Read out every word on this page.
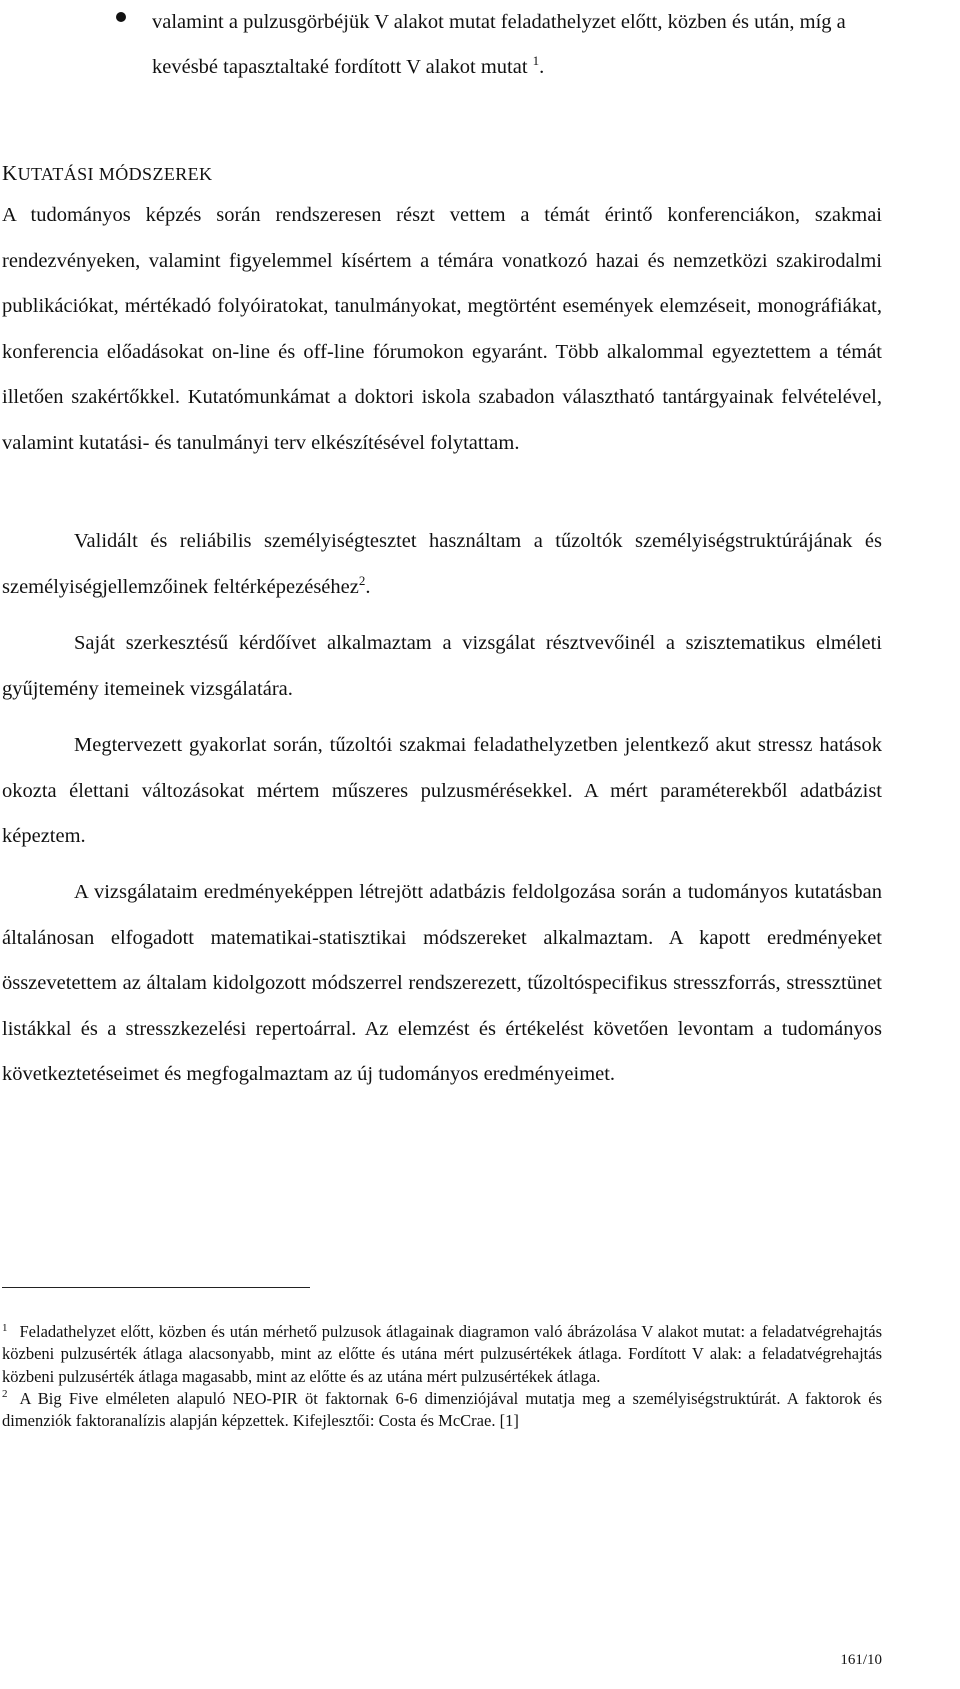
valamint a pulzusgörbéjük V alakot mutat feladathelyzet előtt, közben és után, míg a kevésbé tapasztaltaké fordított V alakot mutat $^1$.

KUTATÁSI MÓDSZEREK

A tudományos képzés során rendszeresen részt vettem a témát érintő konferenciákon, szakmai rendezvényeken, valamint figyelemmel kísértem a témára vonatkozó hazai és nemzetközi szakirodalmi publikációkat, mértékadó folyóiratokat, tanulmányokat, megtörtént események elemzéseit, monográfiákat, konferencia előadásokat on-line és off-line fórumokon egyaránt. Több alkalommal egyeztettem a témát illetően szakértőkkel. Kutatómunkámat a doktori iskola szabadon választható tantárgyainak felvételével, valamint kutatási- és tanulmányi terv elkészítésével folytattam.

Validált és reliábilis személyiségtesztet használtam a tűzoltók személyiségstruktúrájának és személyiségjellemzőinek feltérképezéséhez$^2$.

Saját szerkesztésű kérdőívet alkalmaztam a vizsgálat résztvevőinél a szisztematikus elméleti gyűjtemény itemeinek vizsgálatára.

Megtervezett gyakorlat során, tűzoltói szakmai feladathelyzetben jelentkező akut stressz hatások okozta élettani változásokat mértem műszeres pulzusmérésekkel. A mért paraméterekből adatbázist képeztem.

A vizsgálataim eredményeképpen létrejött adatbázis feldolgozása során a tudományos kutatásban általánosan elfogadott matematikai-statisztikai módszereket alkalmaztam. A kapott eredményeket összevetettem az általam kidolgozott módszerrel rendszerezett, tűzoltóspecifikus stresszforrás, stressztünet listákkal és a stresszkezelési repertoárral. Az elemzést és értékelést követően levontam a tudományos következtetéseimet és megfogalmaztam az új tudományos eredményeimet.

$^1$ Feladathelyzet előtt, közben és után mérhető pulzusok átlagainak diagramon való ábrázolása V alakot mutat: a feladatvégrehajtás közbeni pulzusérték átlaga alacsonyabb, mint az előtte és utána mért pulzusértékek átlaga. Fordított V alak: a feladatvégrehajtás közbeni pulzusérték átlaga magasabb, mint az előtte és az utána mért pulzusértékek átlaga.

$^2$ A Big Five elméleten alapuló NEO-PIR öt faktornak 6-6 dimenziójával mutatja meg a személyiségstruktúrát. A faktorok és dimenziók faktoranalízis alapján képzettek. Kifejlesztői: Costa és McCrae. [1]

161/10
